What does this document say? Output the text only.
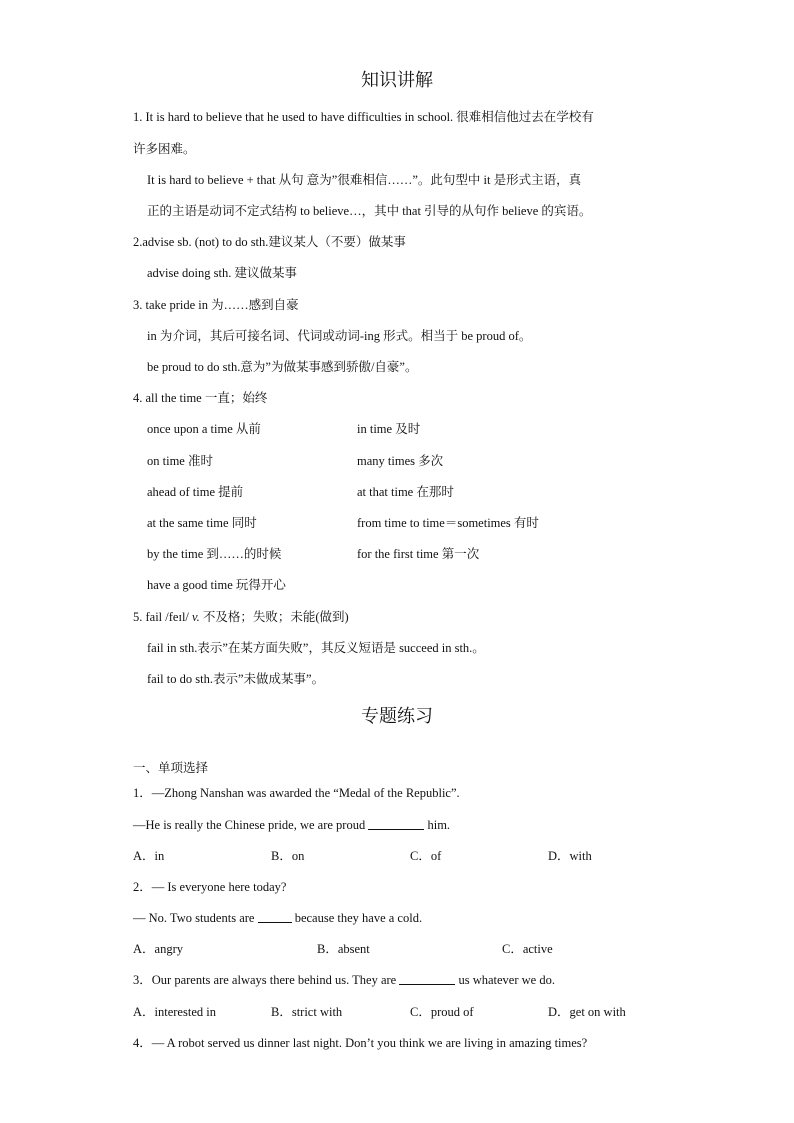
知识讲解
1. It is hard to believe that he used to have difficulties in school. 很难相信他过去在学校有
许多困难。
It is hard to believe + that 从句 意为”很难相信……”。此句型中 it 是形式主语，真
正的主语是动词不定式结构 to believe…，其中 that 引导的从句作 believe 的宾语。
2.advise sb. (not) to do sth.建议某人（不要）做某事
advise doing sth. 建议做某事
3. take pride in 为……感到自豪
in 为介词，其后可接名词、代词或动词-ing 形式。相当于 be proud of。
be proud to do sth.意为”为做某事感到骄傲/自豪”。
4. all the time 一直；始终
once upon a time 从前	in time 及时
on time 准时	many times 多次
ahead of time 提前	at that time 在那时
at the same time 同时	from time to time＝sometimes 有时
by the time 到……的时候	for the first time 第一次
have a good time 玩得开心
5. fail /feɪl/ v. 不及格；失败；未能(做到)
fail in sth.表示”在某方面失败”，其反义短语是 succeed in sth.。
fail to do sth.表示”未做成某事”。
专题练习
一、单项选择
1．—Zhong Nanshan was awarded the “Medal of the Republic”.
—He is really the Chinese pride, we are proud	him.
A．in	B．on	C．of	D．with
2．— Is everyone here today?
— No. Two students are	because they have a cold.
A．angry	B．absent	C．active
3．Our parents are always there behind us. They are	us whatever we do.
A．interested in	B．strict with	C．proud of	D．get on with
4．— A robot served us dinner last night. Don’t you think we are living in amazing times?
